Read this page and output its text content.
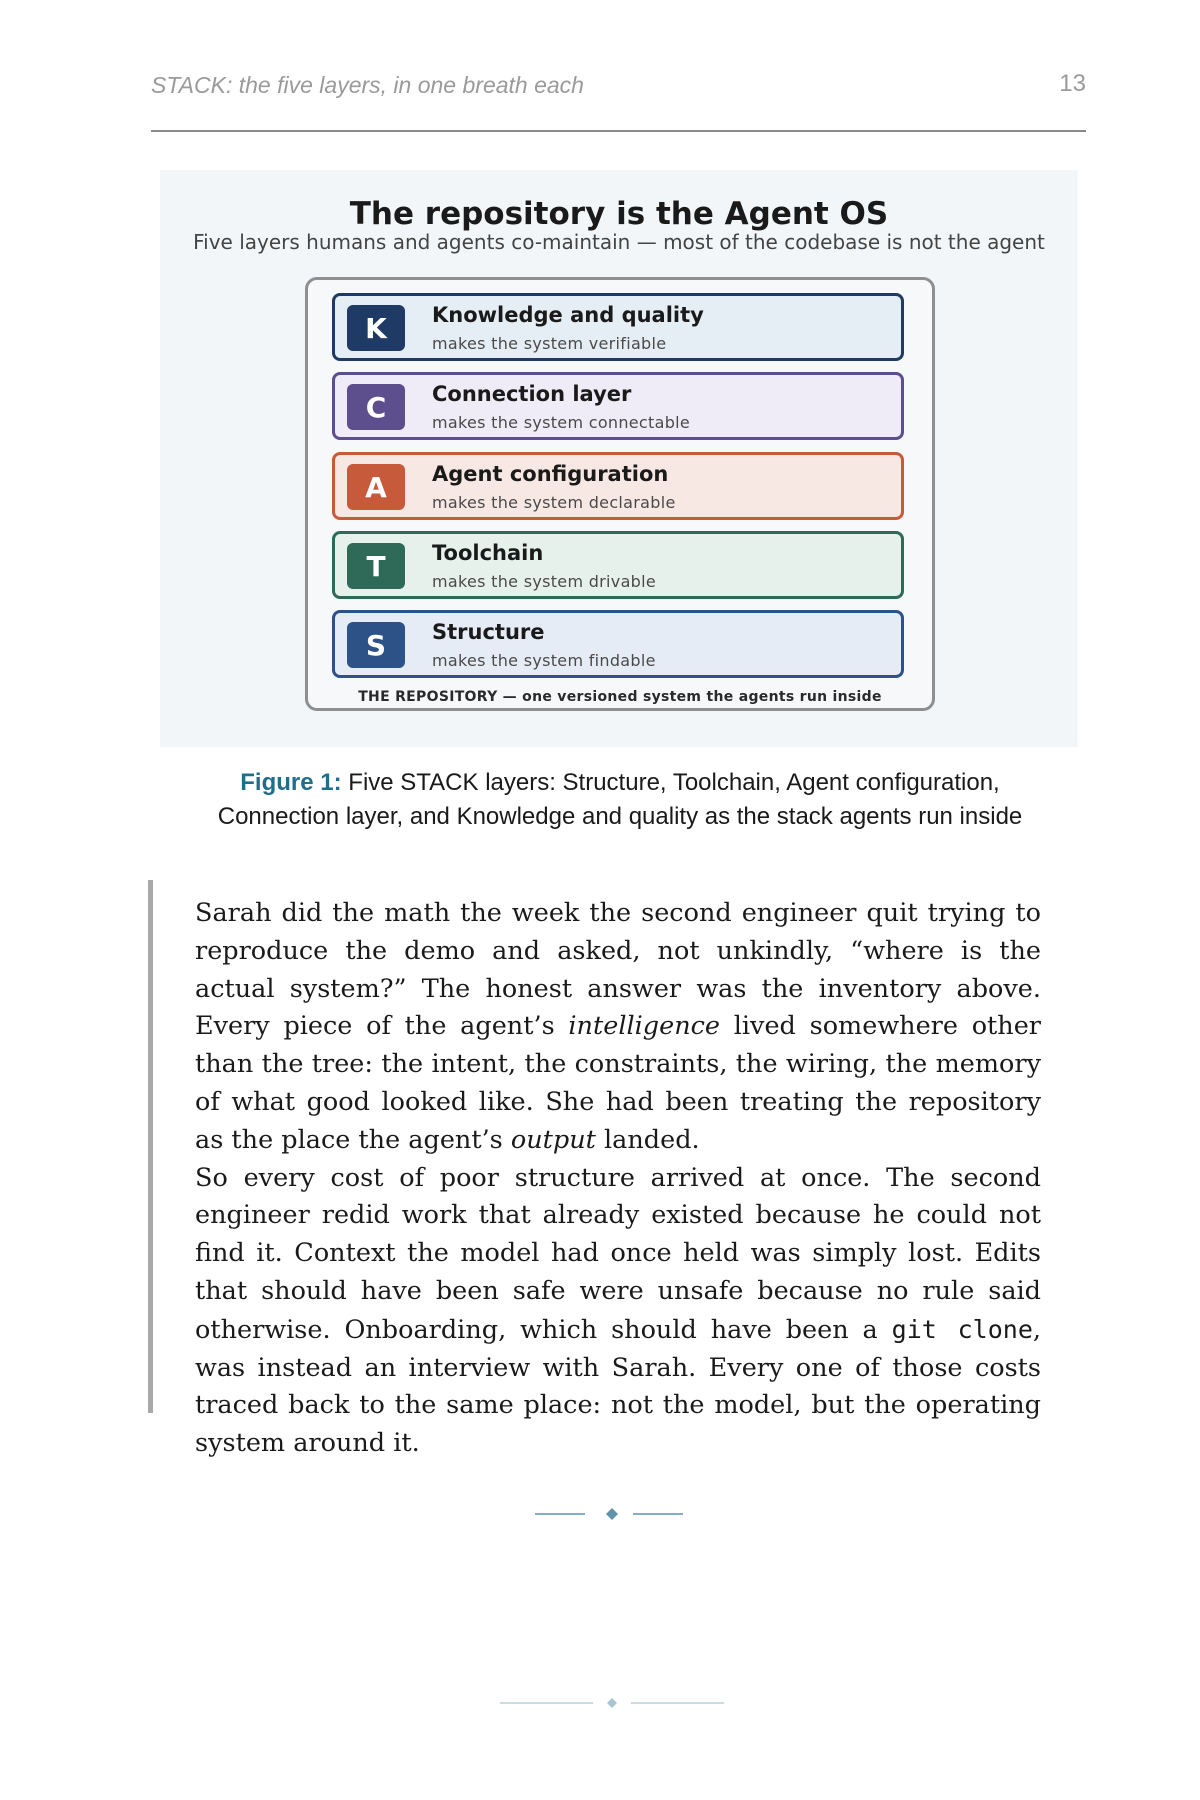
STACK: the five layers, in one breath each	13
The repository is the Agent OS
Five layers humans and agents co-maintain — most of the codebase is not the agent
K	Knowledge and quality
makes the system verifiable
C	Connection layer
makes the system connectable
A	Agent configuration
makes the system declarable
T	Toolchain
makes the system drivable
S	Structure
makes the system findable
THE REPOSITORY — one versioned system the agents run inside
Figure 1: Five STACK layers: Structure, Toolchain, Agent configuration, Connection layer, and Knowledge and quality as the stack agents run inside
Sarah did the math the week the second engineer quit trying to reproduce the demo and asked, not unkindly, “where is the actual system?” The honest answer was the inventory above. Every piece of the agent’s intelligence lived somewhere other than the tree: the intent, the constraints, the wiring, the memory of what good looked like. She had been treating the repository as the place the agent’s output landed.
So every cost of poor structure arrived at once. The second engineer redid work that already existed because he could not find it. Context the model had once held was simply lost. Edits that should have been safe were unsafe because no rule said otherwise. Onboarding, which should have been a git clone, was instead an interview with Sarah. Every one of those costs traced back to the same place: not the model, but the operating system around it.
